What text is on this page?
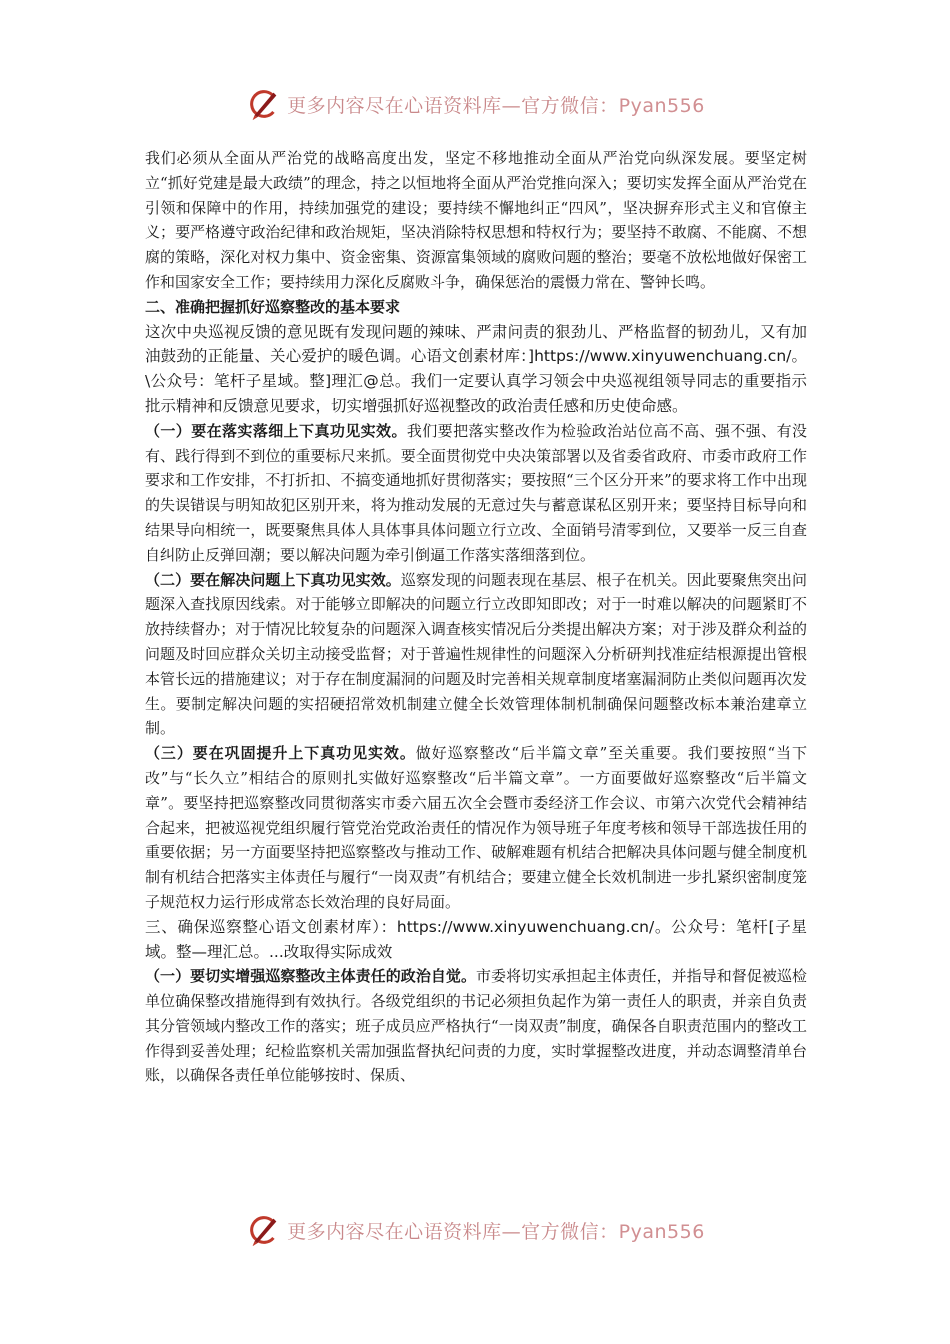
更多内容尽在心语资料库—官方微信：Pyan556

我们必须从全面从严治党的战略高度出发，坚定不移地推动全面从严治党向纵深发展。要坚定树立“抓好党建是最大政绩”的理念，持之以恒地将全面从严治党推向深入；要切实发挥全面从严治党在引领和保障中的作用，持续加强党的建设；要持续不懈地纠正“四风”，坚决摒弃形式主义和官僚主义；要严格遵守政治纪律和政治规矩，坚决消除特权思想和特权行为；要坚持不敢腐、不能腐、不想腐的策略，深化对权力集中、资金密集、资源富集领域的腐败问题的整治；要毫不放松地做好保密工作和国家安全工作；要持续用力深化反腐败斗争，确保惩治的震慑力常在、警钟长鸣。

二、准确把握抓好巡察整改的基本要求

这次中央巡视反馈的意见既有发现问题的辣味、严肃问责的狠劲儿、严格监督的韧劲儿，又有加油鼓劲的正能量、关心爱护的暖色调。心语文创素材库：]https://www.xinyuwenchuang.cn/。\公众号：笔杆子星域。整]理汇@总。我们一定要认真学习领会中央巡视组领导同志的重要指示批示精神和反馈意见要求，切实增强抓好巡视整改的政治责任感和历史使命感。

（一）要在落实落细上下真功见实效。我们要把落实整改作为检验政治站位高不高、强不强、有没有、践行得到不到位的重要标尺来抓。要全面贯彻党中央决策部署以及省委省政府、市委市政府工作要求和工作安排，不打折扣、不搞变通地抓好贯彻落实；要按照“三个区分开来”的要求将工作中出现的失误错误与明知故犯区别开来，将为推动发展的无意过失与蓄意谋私区别开来；要坚持目标导向和结果导向相统一，既要聚焦具体人具体事具体问题立行立改、全面销号清零到位，又要举一反三自查自纠防止反弹回潮；要以解决问题为牵引倒逼工作落实落细落到位。

（二）要在解决问题上下真功见实效。巡察发现的问题表现在基层、根子在机关。因此要聚焦突出问题深入查找原因线索。对于能够立即解决的问题立行立改即知即改；对于一时难以解决的问题紧盯不放持续督办；对于情况比较复杂的问题深入调查核实情况后分类提出解决方案；对于涉及群众利益的问题及时回应群众关切主动接受监督；对于普遍性规律性的问题深入分析研判找准症结根源提出管根本管长远的措施建议；对于存在制度漏洞的问题及时完善相关规章制度堵塞漏洞防止类似问题再次发生。要制定解决问题的实招硬招常效机制建立健全长效管理体制机制确保问题整改标本兼治建章立制。

（三）要在巩固提升上下真功见实效。做好巡察整改“后半篇文章”至关重要。我们要按照“当下改”与“长久立”相结合的原则扎实做好巡察整改“后半篇文章”。一方面要做好巡察整改“后半篇文章”。要坚持把巡察整改同贯彻落实市委六届五次全会暨市委经济工作会议、市第六次党代会精神结合起来，把被巡视党组织履行管党治党政治责任的情况作为领导班子年度考核和领导干部选拔任用的重要依据；另一方面要坚持把巡察整改与推动工作、破解难题有机结合把解决具体问题与健全制度机制有机结合把落实主体责任与履行“一岗双责”有机结合；要建立健全长效机制进一步扎紧织密制度笼子规范权力运行形成常态长效治理的良好局面。

三、确保巡察整心语文创素材库）：https://www.xinyuwenchuang.cn/。公众号：笔杆[子星域。整—理汇总。...改取得实际成效

（一）要切实增强巡察整改主体责任的政治自觉。市委将切实承担起主体责任，并指导和督促被巡检单位确保整改措施得到有效执行。各级党组织的书记必须担负起作为第一责任人的职责，并亲自负责其分管领域内整改工作的落实；班子成员应严格执行“一岗双责”制度，确保各自职责范围内的整改工作得到妥善处理；纪检监察机关需加强监督执纪问责的力度，实时掌握整改进度，并动态调整清单台账，以确保各责任单位能够按时、保质、

更多内容尽在心语资料库—官方微信：Pyan556
